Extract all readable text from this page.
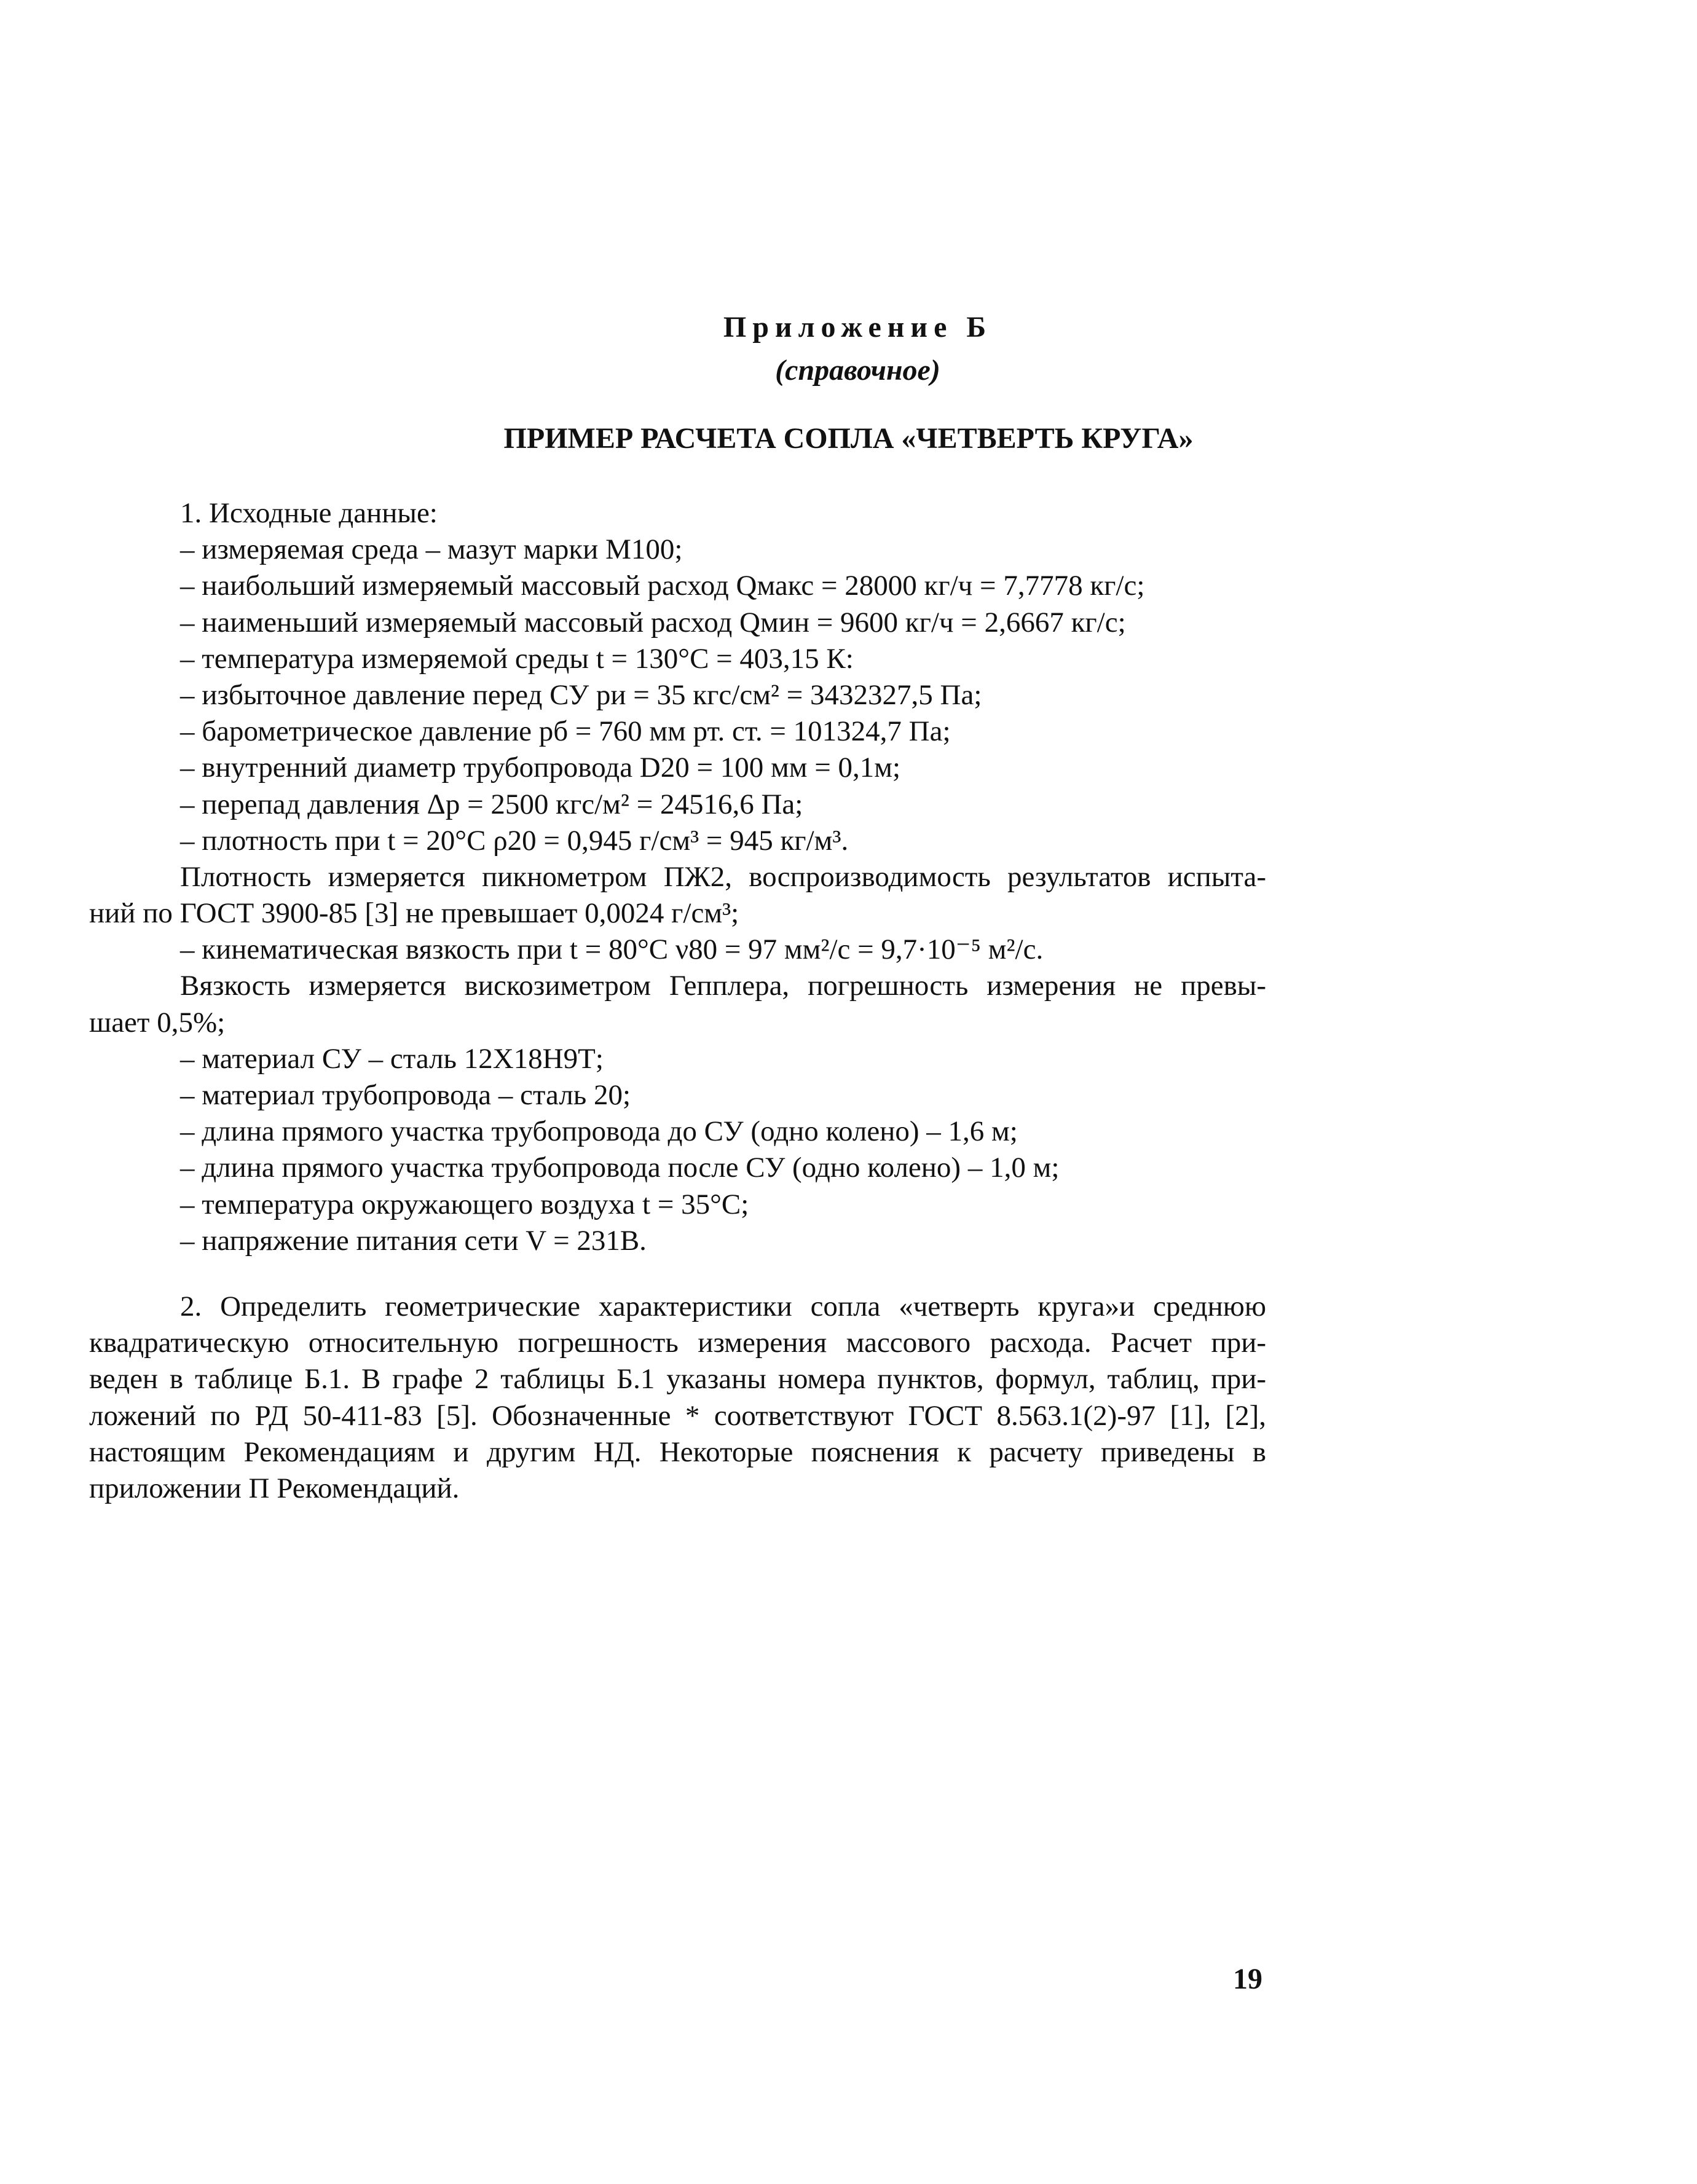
Приложение Б
(справочное)
ПРИМЕР РАСЧЕТА СОПЛА «ЧЕТВЕРТЬ КРУГА»
1. Исходные данные:
– измеряемая среда – мазут марки М100;
– наибольший измеряемый массовый расход Qмакс = 28000 кг/ч = 7,7778 кг/с;
– наименьший измеряемый массовый расход Qмин = 9600 кг/ч = 2,6667 кг/с;
– температура измеряемой среды t = 130°С = 403,15 К:
– избыточное давление перед СУ pи = 35 кгс/см² = 3432327,5 Па;
– барометрическое давление pб = 760 мм рт. ст. = 101324,7 Па;
– внутренний диаметр трубопровода D20 = 100 мм = 0,1м;
– перепад давления Δр = 2500 кгс/м² = 24516,6 Па;
– плотность при t = 20°С ρ20 = 0,945 г/см³ = 945 кг/м³.
Плотность измеряется пикнометром ПЖ2, воспроизводимость результатов испыта-
ний по ГОСТ 3900-85 [3] не превышает 0,0024 г/см³;
– кинематическая вязкость при t = 80°С ν80 = 97 мм²/с = 9,7·10⁻⁵ м²/с.
Вязкость измеряется вискозиметром Гепплера, погрешность измерения не превы-
шает 0,5%;
– материал СУ – сталь 12Х18Н9Т;
– материал трубопровода – сталь 20;
– длина прямого участка трубопровода до СУ (одно колено) – 1,6 м;
– длина прямого участка трубопровода после СУ (одно колено) – 1,0 м;
– температура окружающего воздуха t = 35°С;
– напряжение питания сети V = 231В.
2. Определить геометрические характеристики сопла «четверть круга»и среднюю
квадратическую относительную погрешность измерения массового расхода. Расчет при-
веден в таблице Б.1. В графе 2 таблицы Б.1 указаны номера пунктов, формул, таблиц, при-
ложений по РД 50-411-83 [5]. Обозначенные * соответствуют ГОСТ 8.563.1(2)-97 [1], [2],
настоящим Рекомендациям и другим НД. Некоторые пояснения к расчету приведены в
приложении П Рекомендаций.
19
